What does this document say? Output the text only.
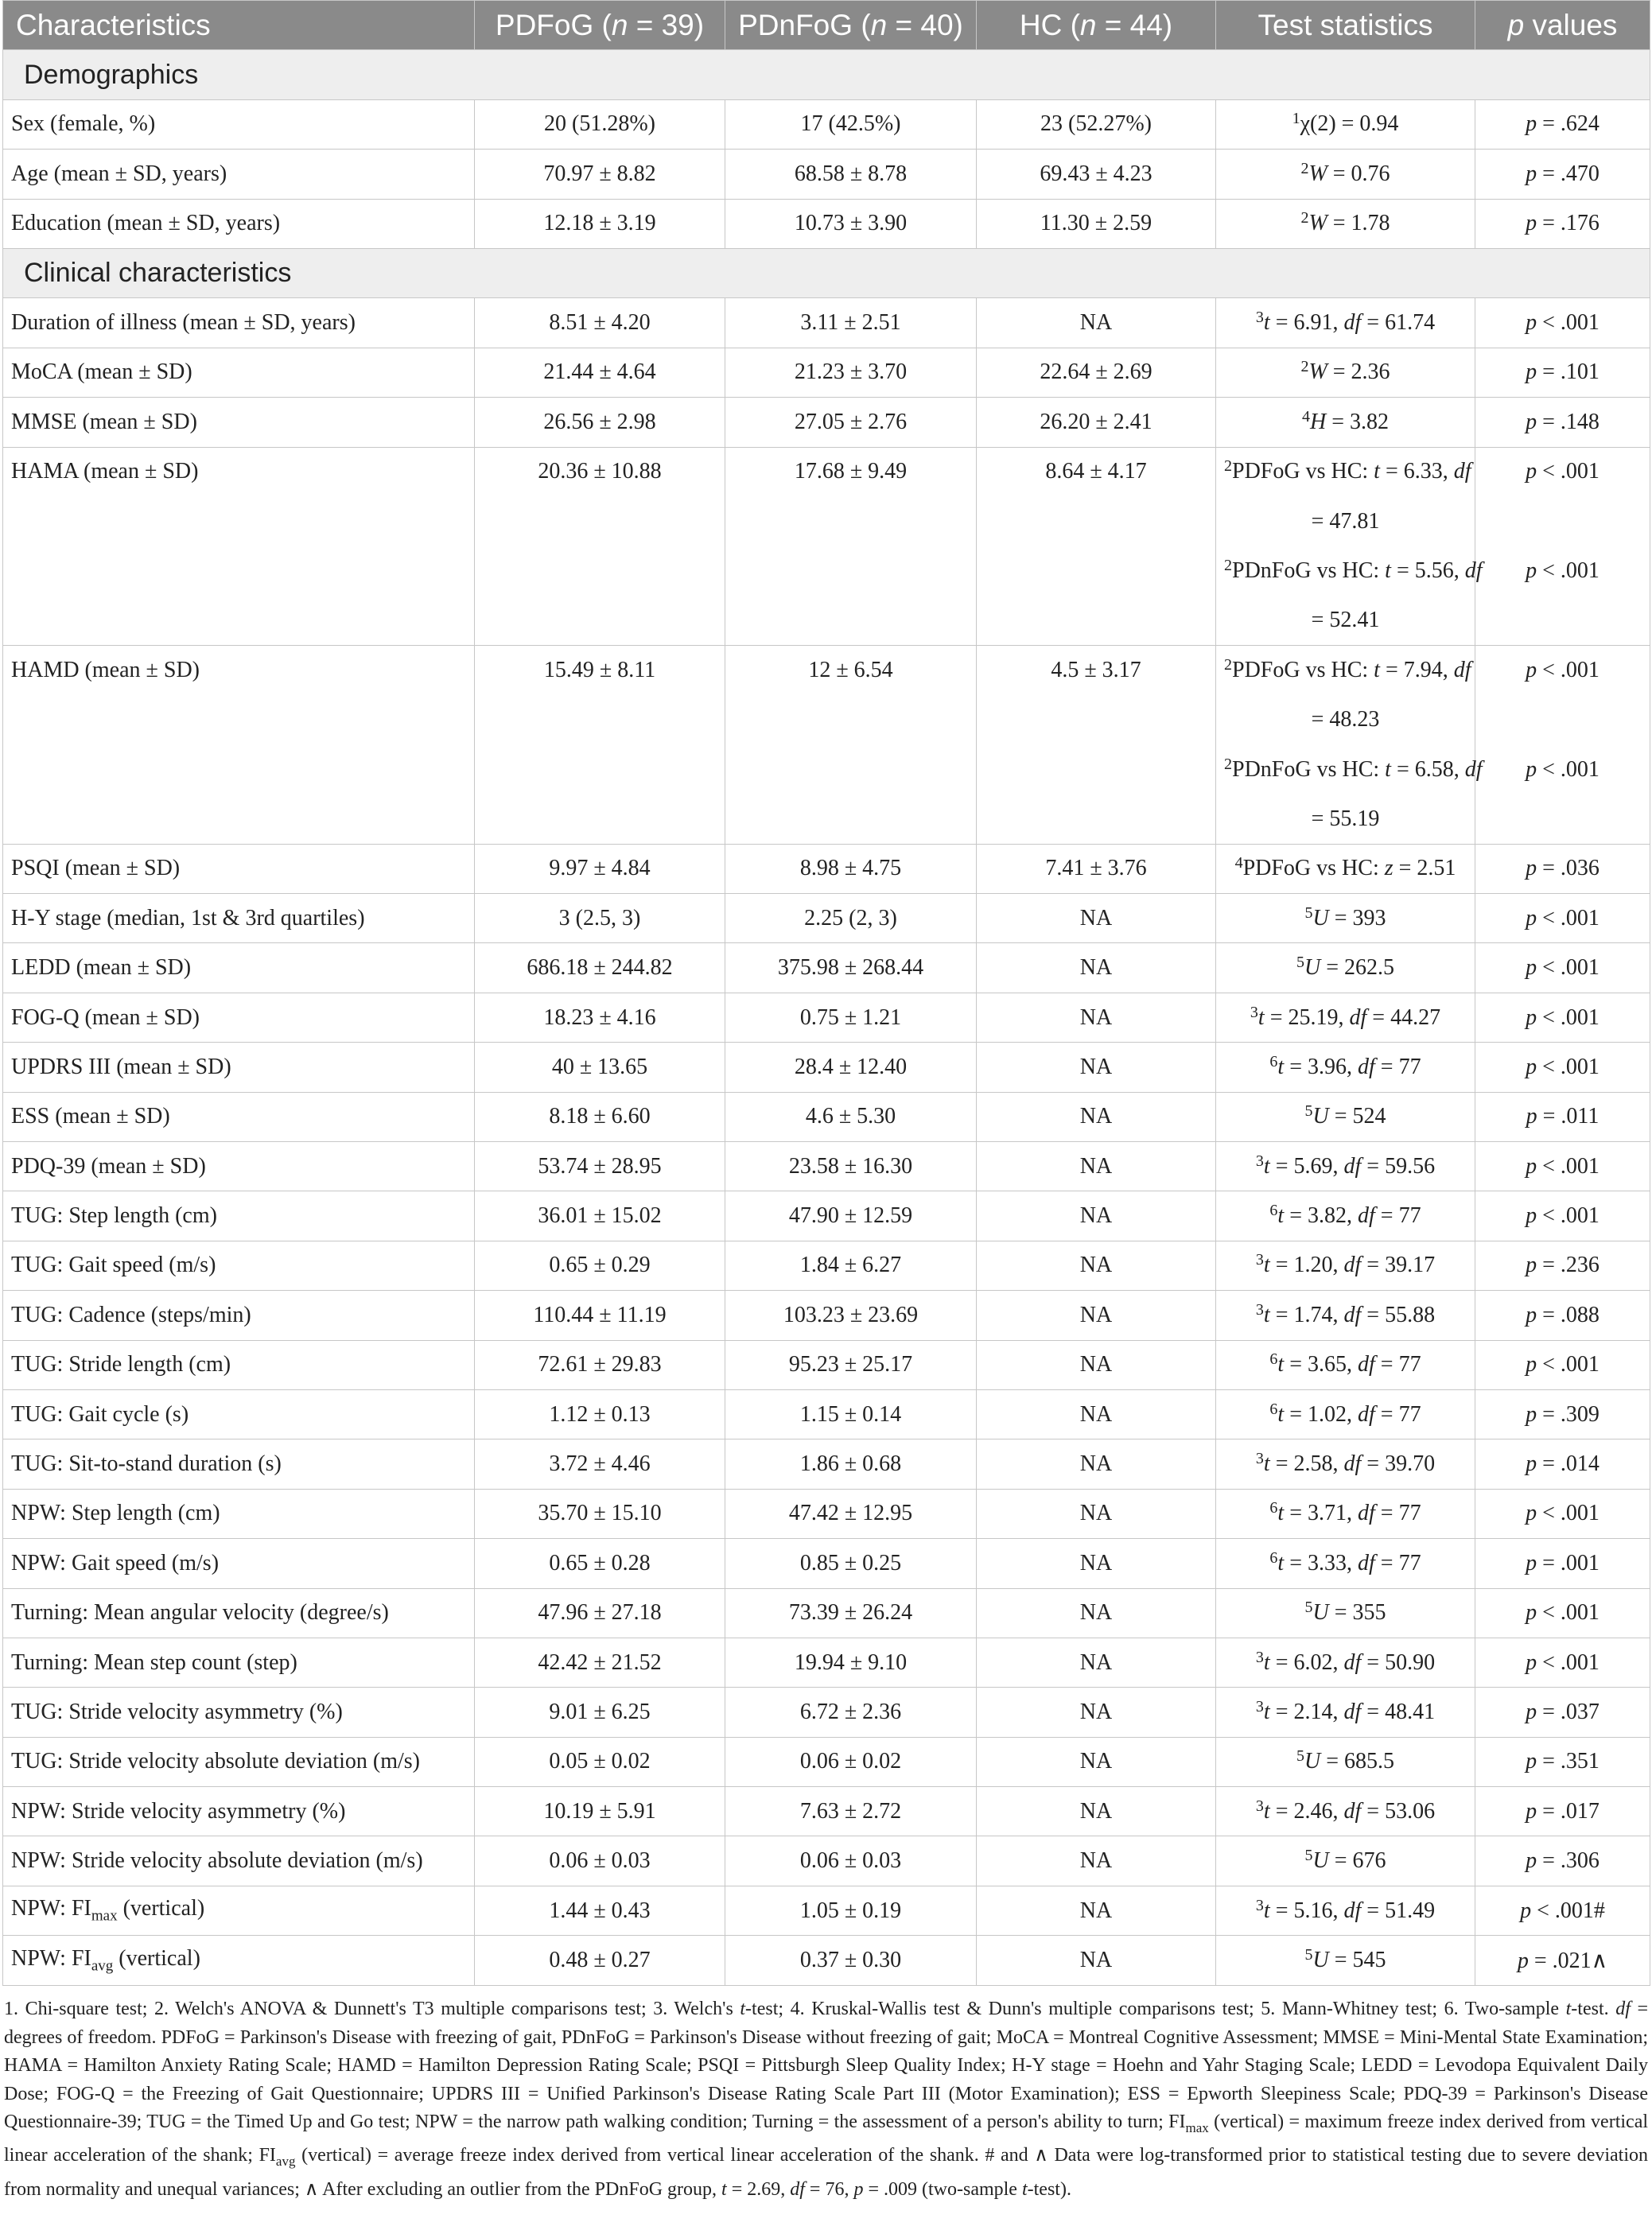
Characteristics	PDFoG (n = 39)	PDnFoG (n = 40)	HC (n = 44)	Test statistics	p values
Demographics					
Sex (female, %)	20 (51.28%)	17 (42.5%)	23 (52.27%)	$^1$χ(2) = 0.94	p = .624
Age (mean ± SD, years)	70.97 ± 8.82	68.58 ± 8.78	69.43 ± 4.23	$^2$W = 0.76	p = .470
Education (mean ± SD, years)	12.18 ± 3.19	10.73 ± 3.90	11.30 ± 2.59	$^2$W = 1.78	p = .176
Clinical characteristics					
Duration of illness (mean ± SD, years)	8.51 ± 4.20	3.11 ± 2.51	NA	$^3$t = 6.91, df = 61.74	p < .001
MoCA (mean ± SD)	21.44 ± 4.64	21.23 ± 3.70	22.64 ± 2.69	$^2$W = 2.36	p = .101
MMSE (mean ± SD)	26.56 ± 2.98	27.05 ± 2.76	26.20 ± 2.41	$^4$H = 3.82	p = .148
HAMA (mean ± SD)	20.36 ± 10.88	17.68 ± 9.49	8.64 ± 4.17	$^2$PDFoG vs HC: t = 6.33, df	p < .001
				= 47.81	
				$^2$PDnFoG vs HC: t = 5.56, df	p < .001
				= 52.41	
HAMD (mean ± SD)	15.49 ± 8.11	12 ± 6.54	4.5 ± 3.17	$^2$PDFoG vs HC: t = 7.94, df	p < .001
				= 48.23	
				$^2$PDnFoG vs HC: t = 6.58, df	p < .001
				= 55.19	
PSQI (mean ± SD)	9.97 ± 4.84	8.98 ± 4.75	7.41 ± 3.76	$^4$PDFoG vs HC: z = 2.51	p = .036
H-Y stage (median, 1st & 3rd quartiles)	3 (2.5, 3)	2.25 (2, 3)	NA	$^5$U = 393	p < .001
LEDD (mean ± SD)	686.18 ± 244.82	375.98 ± 268.44	NA	$^5$U = 262.5	p < .001
FOG-Q (mean ± SD)	18.23 ± 4.16	0.75 ± 1.21	NA	$^3$t = 25.19, df = 44.27	p < .001
UPDRS III (mean ± SD)	40 ± 13.65	28.4 ± 12.40	NA	$^6$t = 3.96, df = 77	p < .001
ESS (mean ± SD)	8.18 ± 6.60	4.6 ± 5.30	NA	$^5$U = 524	p = .011
PDQ-39 (mean ± SD)	53.74 ± 28.95	23.58 ± 16.30	NA	$^3$t = 5.69, df = 59.56	p < .001
TUG: Step length (cm)	36.01 ± 15.02	47.90 ± 12.59	NA	$^6$t = 3.82, df = 77	p < .001
TUG: Gait speed (m/s)	0.65 ± 0.29	1.84 ± 6.27	NA	$^3$t = 1.20, df = 39.17	p = .236
TUG: Cadence (steps/min)	110.44 ± 11.19	103.23 ± 23.69	NA	$^3$t = 1.74, df = 55.88	p = .088
TUG: Stride length (cm)	72.61 ± 29.83	95.23 ± 25.17	NA	$^6$t = 3.65, df = 77	p < .001
TUG: Gait cycle (s)	1.12 ± 0.13	1.15 ± 0.14	NA	$^6$t = 1.02, df = 77	p = .309
TUG: Sit-to-stand duration (s)	3.72 ± 4.46	1.86 ± 0.68	NA	$^3$t = 2.58, df = 39.70	p = .014
NPW: Step length (cm)	35.70 ± 15.10	47.42 ± 12.95	NA	$^6$t = 3.71, df = 77	p < .001
NPW: Gait speed (m/s)	0.65 ± 0.28	0.85 ± 0.25	NA	$^6$t = 3.33, df = 77	p = .001
Turning: Mean angular velocity (degree/s)	47.96 ± 27.18	73.39 ± 26.24	NA	$^5$U = 355	p < .001
Turning: Mean step count (step)	42.42 ± 21.52	19.94 ± 9.10	NA	$^3$t = 6.02, df = 50.90	p < .001
TUG: Stride velocity asymmetry (%)	9.01 ± 6.25	6.72 ± 2.36	NA	$^3$t = 2.14, df = 48.41	p = .037
TUG: Stride velocity absolute deviation (m/s)	0.05 ± 0.02	0.06 ± 0.02	NA	$^5$U = 685.5	p = .351
NPW: Stride velocity asymmetry (%)	10.19 ± 5.91	7.63 ± 2.72	NA	$^3$t = 2.46, df = 53.06	p = .017
NPW: Stride velocity absolute deviation (m/s)	0.06 ± 0.03	0.06 ± 0.03	NA	$^5$U = 676	p = .306
NPW: $FI_{max}$ (vertical)	1.44 ± 0.43	1.05 ± 0.19	NA	$^3$t = 5.16, df = 51.49	p < .001#
NPW: $FI_{avg}$ (vertical)	0.48 ± 0.27	0.37 ± 0.30	NA	$^5$U = 545	p = .021∧
1. Chi-square test; 2. Welch's ANOVA & Dunnett's T3 multiple comparisons test; 3. Welch's t-test; 4. Kruskal-Wallis test & Dunn's multiple comparisons test; 5. Mann-Whitney test; 6. Two-sample t-test. df = degrees of freedom. PDFoG = Parkinson's Disease with freezing of gait, PDnFoG = Parkinson's Disease without freezing of gait; MoCA = Montreal Cognitive Assessment; MMSE = Mini-Mental State Examination; HAMA = Hamilton Anxiety Rating Scale; HAMD = Hamilton Depression Rating Scale; PSQI = Pittsburgh Sleep Quality Index; H-Y stage = Hoehn and Yahr Staging Scale; LEDD = Levodopa Equivalent Daily Dose; FOG-Q = the Freezing of Gait Questionnaire; UPDRS III = Unified Parkinson's Disease Rating Scale Part III (Motor Examination); ESS = Epworth Sleepiness Scale; PDQ-39 = Parkinson's Disease Questionnaire-39; TUG = the Timed Up and Go test; NPW = the narrow path walking condition; Turning = the assessment of a person's ability to turn; $FI_{max}$ (vertical) = maximum freeze index derived from vertical linear acceleration of the shank; $FI_{avg}$ (vertical) = average freeze index derived from vertical linear acceleration of the shank. # and ∧ Data were log-transformed prior to statistical testing due to severe deviation from normality and unequal variances; ∧ After excluding an outlier from the PDnFoG group, t = 2.69, df = 76, p = .009 (two-sample t-test).
